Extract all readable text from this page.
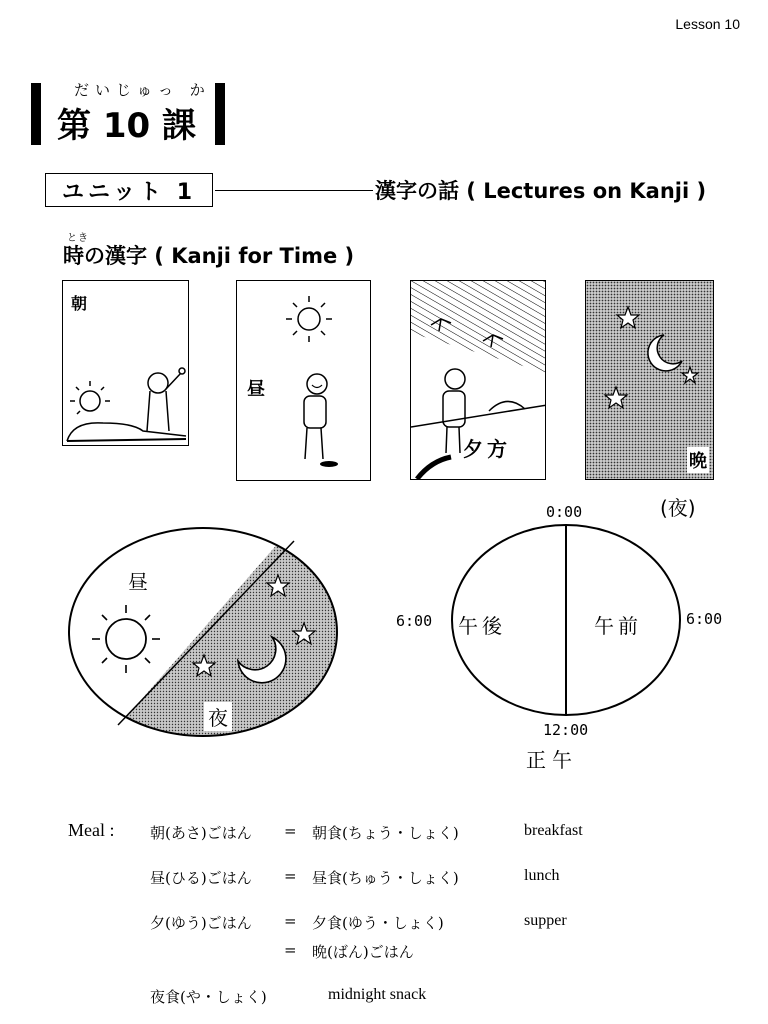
Lesson 10
だいじゅっ か
第 10 課
ユニット 1	漢字の話 ( Lectures on Kanji )
とき
時の漢字 ( Kanji for Time )
朝
昼
夕方
晩
(夜)
昼
夜
0:00
6:00	6:00
12:00
午後	午前
正午
Meal : 朝(あさ)ごはん = 朝食(ちょう・しょく)	breakfast
昼(ひる)ごはん = 昼食(ちゅう・しょく)	lunch
夕(ゆう)ごはん = 夕食(ゆう・しょく)	supper
= 晩(ばん)ごはん
夜食(や・しょく)	midnight snack
